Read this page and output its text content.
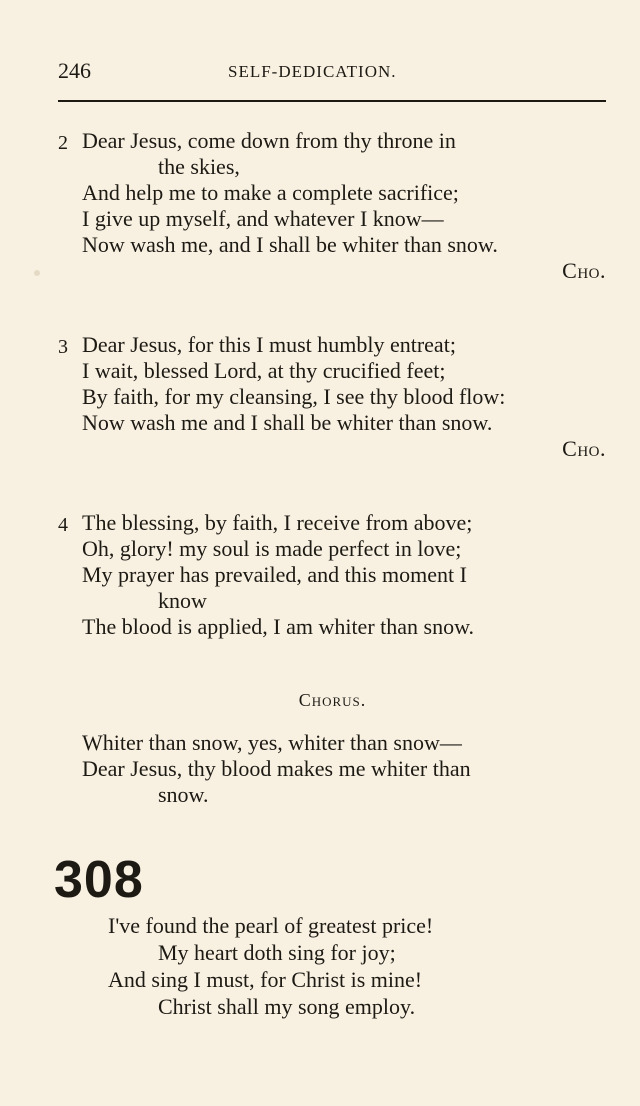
246	SELF-DEDICATION.
2 Dear Jesus, come down from thy throne in
the skies,
And help me to make a complete sacrifice;
I give up myself, and whatever I know—
Now wash me, and I shall be whiter than snow.
Cho.
3 Dear Jesus, for this I must humbly entreat;
I wait, blessed Lord, at thy crucified feet;
By faith, for my cleansing, I see thy blood flow:
Now wash me and I shall be whiter than snow.
Cho.
4 The blessing, by faith, I receive from above;
Oh, glory! my soul is made perfect in love;
My prayer has prevailed, and this moment I
know
The blood is applied, I am whiter than snow.
Chorus.
Whiter than snow, yes, whiter than snow—
Dear Jesus, thy blood makes me whiter than
snow.
308
I've found the pearl of greatest price!
My heart doth sing for joy;
And sing I must, for Christ is mine!
Christ shall my song employ.
